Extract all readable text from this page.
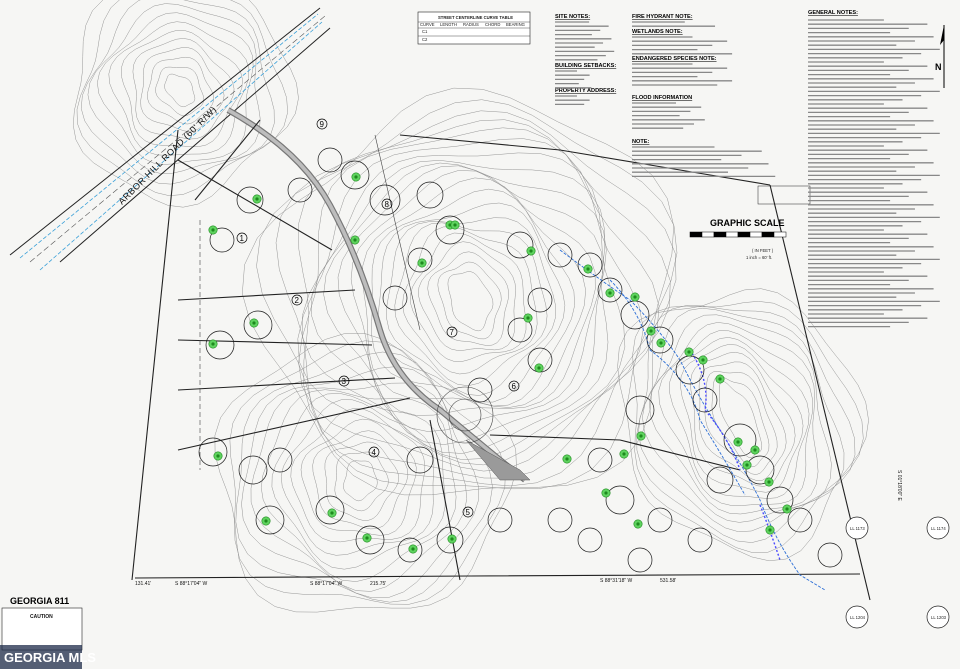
ARBOR HILL ROAD (60' R/W)
1
2
3
4
5
6
7
8
9
131.41'	S 88°17'04" W	S 88°17'04" W	215.75'	S 88°31'18" W	531.58'
S 01°18'00" E
LL 1173	LL 1174
LL 1204	LL 1203
STREET CENTERLINE CURVE TABLE
CURVE LENGTH RADIUS CHORD BEARING
C1
C2
SITE NOTES:
BUILDING SETBACKS:
PROPERTY ADDRESS:
FIRE HYDRANT NOTE:
WETLANDS NOTE:
ENDANGERED SPECIES NOTE:
FLOOD INFORMATION
NOTE:
GENERAL NOTES:
GRAPHIC SCALE
( IN FEET )
1 inch = 60' ft.
N
GEORGIA 811
CAUTION
GEORGIA MLS
